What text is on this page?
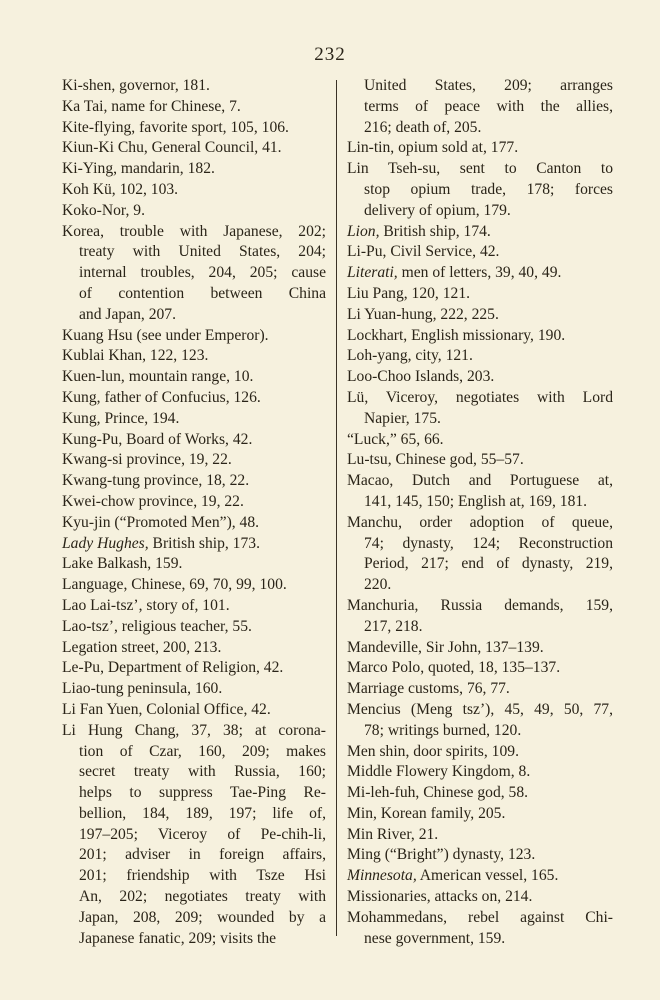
232
Ki-shen, governor, 181.
Ka Tai, name for Chinese, 7.
Kite-flying, favorite sport, 105, 106.
Kiun-Ki Chu, General Council, 41.
Ki-Ying, mandarin, 182.
Koh Kü, 102, 103.
Koko-Nor, 9.
Korea, trouble with Japanese, 202;
treaty with United States, 204;
internal troubles, 204, 205; cause
of contention between China
and Japan, 207.
Kuang Hsu (see under Emperor).
Kublai Khan, 122, 123.
Kuen-lun, mountain range, 10.
Kung, father of Confucius, 126.
Kung, Prince, 194.
Kung-Pu, Board of Works, 42.
Kwang-si province, 19, 22.
Kwang-tung province, 18, 22.
Kwei-chow province, 19, 22.
Kyu-jin (“Promoted Men”), 48.
Lady Hughes, British ship, 173.
Lake Balkash, 159.
Language, Chinese, 69, 70, 99, 100.
Lao Lai-tsz’, story of, 101.
Lao-tsz’, religious teacher, 55.
Legation street, 200, 213.
Le-Pu, Department of Religion, 42.
Liao-tung peninsula, 160.
Li Fan Yuen, Colonial Office, 42.
Li Hung Chang, 37, 38; at corona-
tion of Czar, 160, 209; makes
secret treaty with Russia, 160;
helps to suppress Tae-Ping Re-
bellion, 184, 189, 197; life of,
197–205; Viceroy of Pe-chih-li,
201; adviser in foreign affairs,
201; friendship with Tsze Hsi
An, 202; negotiates treaty with
Japan, 208, 209; wounded by a
Japanese fanatic, 209; visits the
United States, 209; arranges
terms of peace with the allies,
216; death of, 205.
Lin-tin, opium sold at, 177.
Lin Tseh-su, sent to Canton to
stop opium trade, 178; forces
delivery of opium, 179.
Lion, British ship, 174.
Li-Pu, Civil Service, 42.
Literati, men of letters, 39, 40, 49.
Liu Pang, 120, 121.
Li Yuan-hung, 222, 225.
Lockhart, English missionary, 190.
Loh-yang, city, 121.
Loo-Choo Islands, 203.
Lü, Viceroy, negotiates with Lord
Napier, 175.
“Luck,” 65, 66.
Lu-tsu, Chinese god, 55–57.
Macao, Dutch and Portuguese at,
141, 145, 150; English at, 169, 181.
Manchu, order adoption of queue,
74; dynasty, 124; Reconstruction
Period, 217; end of dynasty, 219,
220.
Manchuria, Russia demands, 159,
217, 218.
Mandeville, Sir John, 137–139.
Marco Polo, quoted, 18, 135–137.
Marriage customs, 76, 77.
Mencius (Meng tsz’), 45, 49, 50, 77,
78; writings burned, 120.
Men shin, door spirits, 109.
Middle Flowery Kingdom, 8.
Mi-leh-fuh, Chinese god, 58.
Min, Korean family, 205.
Min River, 21.
Ming (“Bright”) dynasty, 123.
Minnesota, American vessel, 165.
Missionaries, attacks on, 214.
Mohammedans, rebel against Chi-
nese government, 159.
